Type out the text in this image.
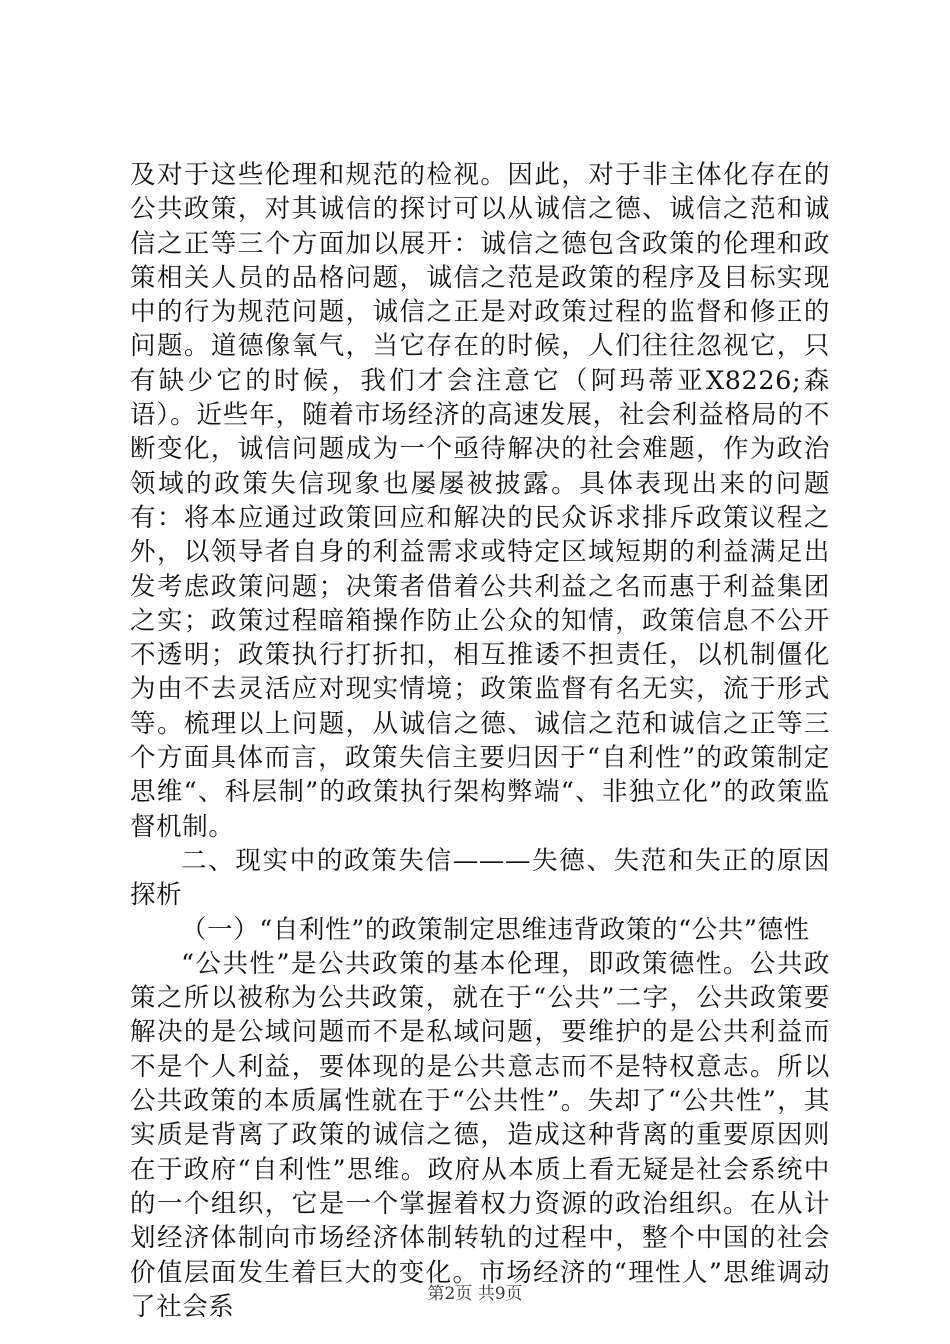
及对于这些伦理和规范的检视。因此，对于非主体化存在的公共政策，对其诚信的探讨可以从诚信之德、诚信之范和诚信之正等三个方面加以展开：诚信之德包含政策的伦理和政策相关人员的品格问题，诚信之范是政策的程序及目标实现中的行为规范问题，诚信之正是对政策过程的监督和修正的问题。道德像氧气，当它存在的时候，人们往往忽视它，只有缺少它的时候，我们才会注意它（阿玛蒂亚X8226;森语）。近些年，随着市场经济的高速发展，社会利益格局的不断变化，诚信问题成为一个亟待解决的社会难题，作为政治领域的政策失信现象也屡屡被披露。具体表现出来的问题有：将本应通过政策回应和解决的民众诉求排斥政策议程之外，以领导者自身的利益需求或特定区域短期的利益满足出发考虑政策问题；决策者借着公共利益之名而惠于利益集团之实；政策过程暗箱操作防止公众的知情，政策信息不公开不透明；政策执行打折扣，相互推诿不担责任，以机制僵化为由不去灵活应对现实情境；政策监督有名无实，流于形式等。梳理以上问题，从诚信之德、诚信之范和诚信之正等三个方面具体而言，政策失信主要归因于“自利性”的政策制定思维“、科层制”的政策执行架构弊端“、非独立化”的政策监督机制。

二、现实中的政策失信———失德、失范和失正的原因探析

（一）“自利性”的政策制定思维违背政策的“公共”德性

“公共性”是公共政策的基本伦理，即政策德性。公共政策之所以被称为公共政策，就在于“公共”二字，公共政策要解决的是公域问题而不是私域问题，要维护的是公共利益而不是个人利益，要体现的是公共意志而不是特权意志。所以公共政策的本质属性就在于“公共性”。失却了“公共性”，其实质是背离了政策的诚信之德，造成这种背离的重要原因则在于政府“自利性”思维。政府从本质上看无疑是社会系统中的一个组织，它是一个掌握着权力资源的政治组织。在从计划经济体制向市场经济体制转轨的过程中，整个中国的社会价值层面发生着巨大的变化。市场经济的“理性人”思维调动了社会系	第2页 共9页
